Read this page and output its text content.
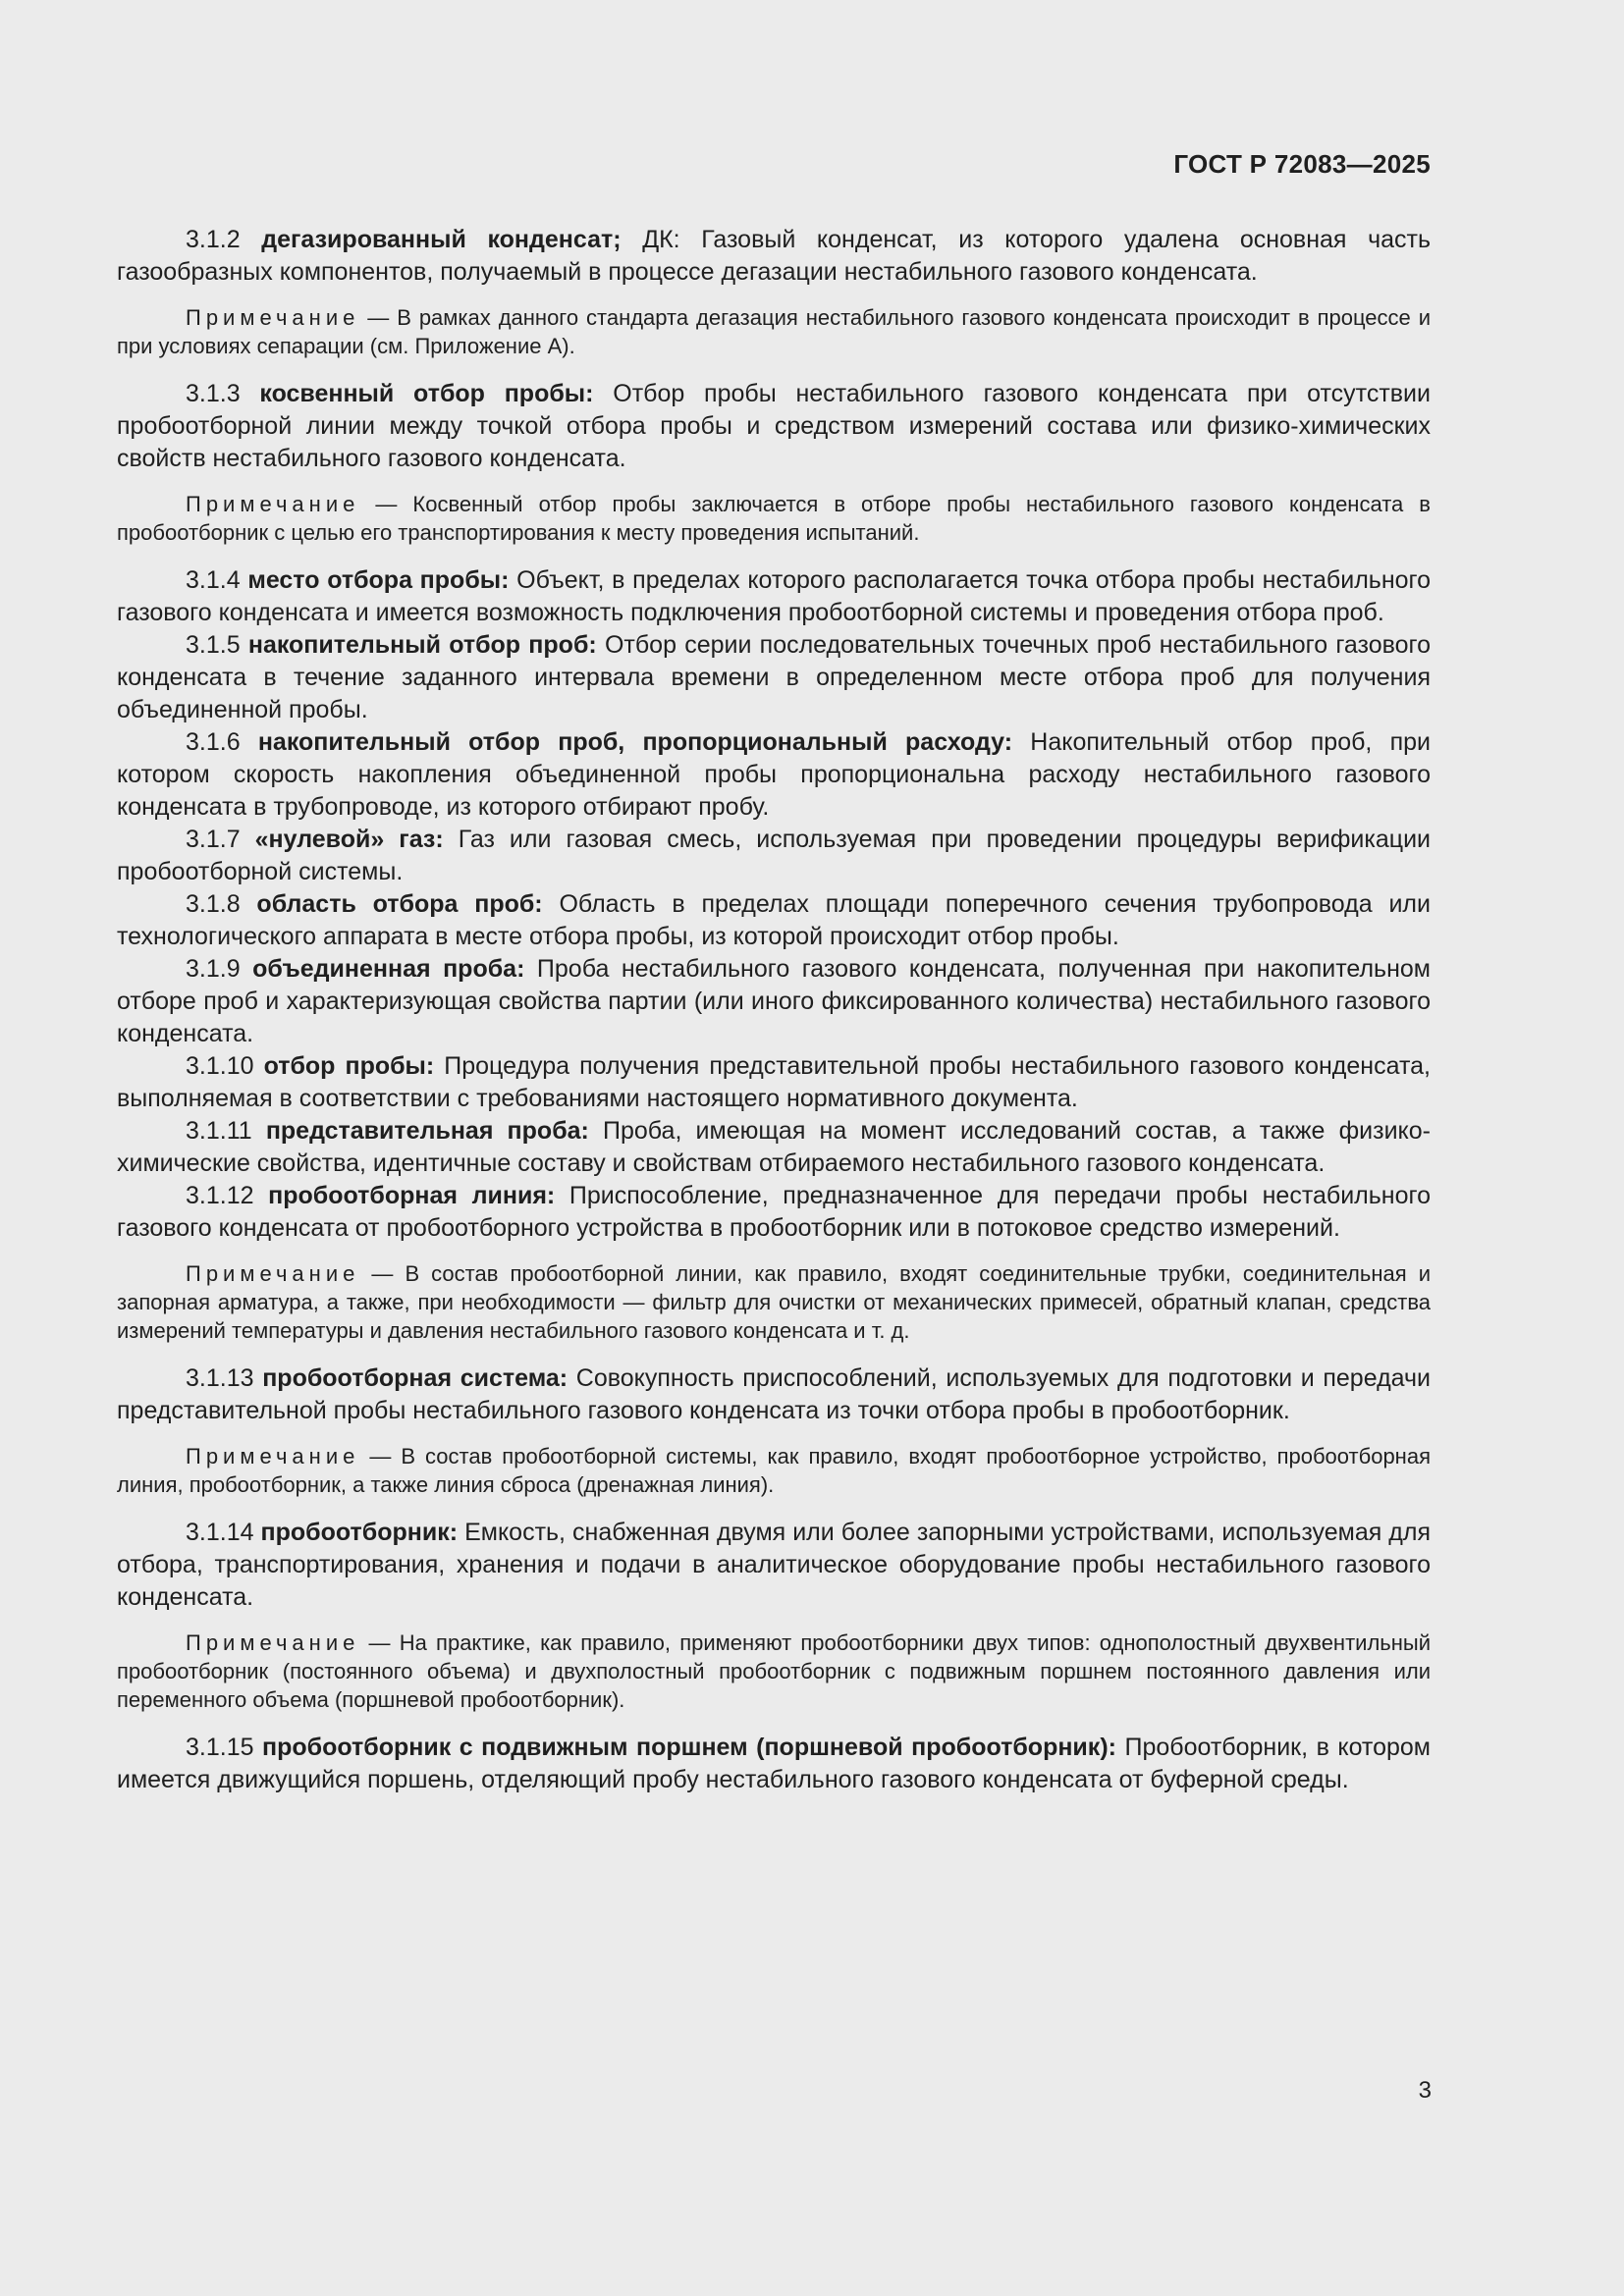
ГОСТ Р 72083—2025

3.1.2 дегазированный конденсат; ДК: Газовый конденсат, из которого удалена основная часть газообразных компонентов, получаемый в процессе дегазации нестабильного газового конденсата.

Примечание — В рамках данного стандарта дегазация нестабильного газового конденсата происходит в процессе и при условиях сепарации (см. Приложение А).

3.1.3 косвенный отбор пробы: Отбор пробы нестабильного газового конденсата при отсутствии пробоотборной линии между точкой отбора пробы и средством измерений состава или физико-химических свойств нестабильного газового конденсата.

Примечание — Косвенный отбор пробы заключается в отборе пробы нестабильного газового конденсата в пробоотборник с целью его транспортирования к месту проведения испытаний.

3.1.4 место отбора пробы: Объект, в пределах которого располагается точка отбора пробы нестабильного газового конденсата и имеется возможность подключения пробоотборной системы и проведения отбора проб.

3.1.5 накопительный отбор проб: Отбор серии последовательных точечных проб нестабильного газового конденсата в течение заданного интервала времени в определенном месте отбора проб для получения объединенной пробы.

3.1.6 накопительный отбор проб, пропорциональный расходу: Накопительный отбор проб, при котором скорость накопления объединенной пробы пропорциональна расходу нестабильного газового конденсата в трубопроводе, из которого отбирают пробу.

3.1.7 «нулевой» газ: Газ или газовая смесь, используемая при проведении процедуры верификации пробоотборной системы.

3.1.8 область отбора проб: Область в пределах площади поперечного сечения трубопровода или технологического аппарата в месте отбора пробы, из которой происходит отбор пробы.

3.1.9 объединенная проба: Проба нестабильного газового конденсата, полученная при накопительном отборе проб и характеризующая свойства партии (или иного фиксированного количества) нестабильного газового конденсата.

3.1.10 отбор пробы: Процедура получения представительной пробы нестабильного газового конденсата, выполняемая в соответствии с требованиями настоящего нормативного документа.

3.1.11 представительная проба: Проба, имеющая на момент исследований состав, а также физико-химические свойства, идентичные составу и свойствам отбираемого нестабильного газового конденсата.

3.1.12 пробоотборная линия: Приспособление, предназначенное для передачи пробы нестабильного газового конденсата от пробоотборного устройства в пробоотборник или в потоковое средство измерений.

Примечание — В состав пробоотборной линии, как правило, входят соединительные трубки, соединительная и запорная арматура, а также, при необходимости — фильтр для очистки от механических примесей, обратный клапан, средства измерений температуры и давления нестабильного газового конденсата и т. д.

3.1.13 пробоотборная система: Совокупность приспособлений, используемых для подготовки и передачи представительной пробы нестабильного газового конденсата из точки отбора пробы в пробоотборник.

Примечание — В состав пробоотборной системы, как правило, входят пробоотборное устройство, пробоотборная линия, пробоотборник, а также линия сброса (дренажная линия).

3.1.14 пробоотборник: Емкость, снабженная двумя или более запорными устройствами, используемая для отбора, транспортирования, хранения и подачи в аналитическое оборудование пробы нестабильного газового конденсата.

Примечание — На практике, как правило, применяют пробоотборники двух типов: однополостный двухвентильный пробоотборник (постоянного объема) и двухполостный пробоотборник с подвижным поршнем постоянного давления или переменного объема (поршневой пробоотборник).

3.1.15 пробоотборник с подвижным поршнем (поршневой пробоотборник): Пробоотборник, в котором имеется движущийся поршень, отделяющий пробу нестабильного газового конденсата от буферной среды.

3
